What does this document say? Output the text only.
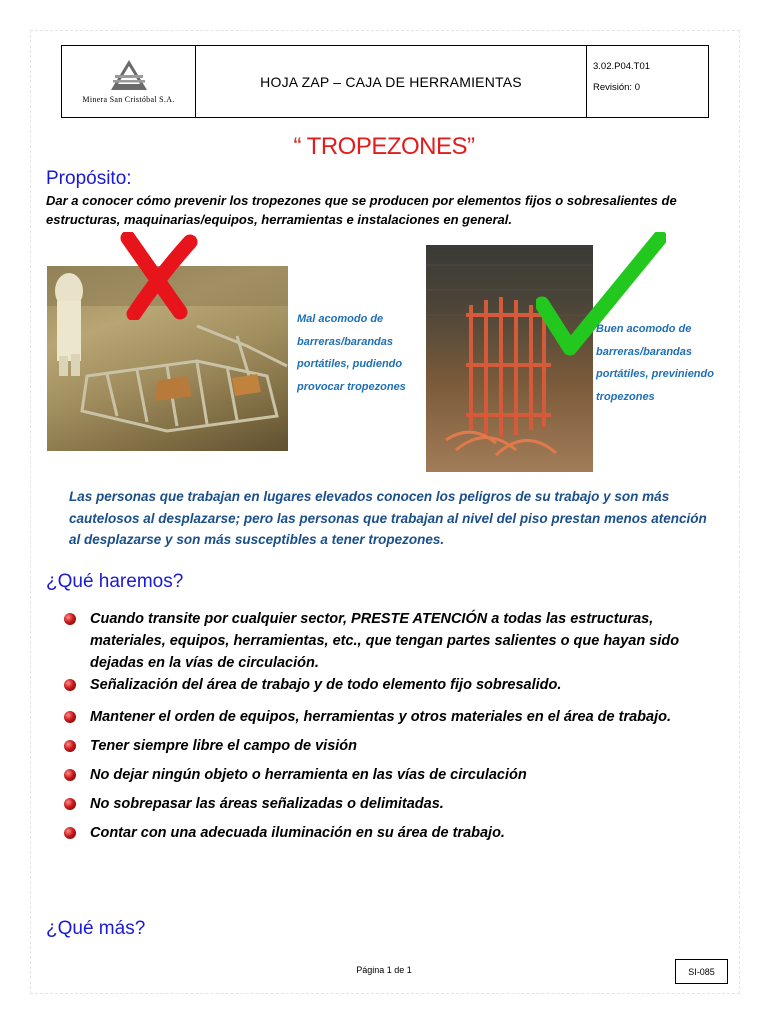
Minera San Cristóbal S.A.
HOJA ZAP – CAJA DE HERRAMIENTAS
3.02.P04.T01
Revisión: 0
“ TROPEZONES”
Propósito:
Dar a conocer cómo prevenir los tropezones que se producen por elementos fijos o sobresalientes de estructuras, maquinarias/equipos, herramientas e instalaciones en general.
Mal acomodo de barreras/barandas portátiles, pudiendo provocar tropezones
Buen acomodo de barreras/barandas portátiles, previniendo tropezones
Las personas que trabajan en lugares elevados conocen los peligros de su trabajo y son más cautelosos al desplazarse; pero las personas que trabajan al nivel del piso prestan menos atención al desplazarse y son más susceptibles a tener tropezones.
¿Qué haremos?
Cuando transite por cualquier sector, PRESTE ATENCIÓN a todas las estructuras, materiales, equipos, herramientas, etc., que tengan partes salientes o que hayan sido dejadas en la vías de circulación.
Señalización del área de trabajo y de todo elemento fijo sobresalido.
Mantener el orden de equipos, herramientas y otros materiales en el área de trabajo.
Tener siempre libre el campo de visión
No dejar ningún objeto o herramienta en las vías de circulación
No sobrepasar las áreas señalizadas o delimitadas.
Contar con una adecuada iluminación en su área de trabajo.
¿Qué más?
Página 1 de 1	SI-085
